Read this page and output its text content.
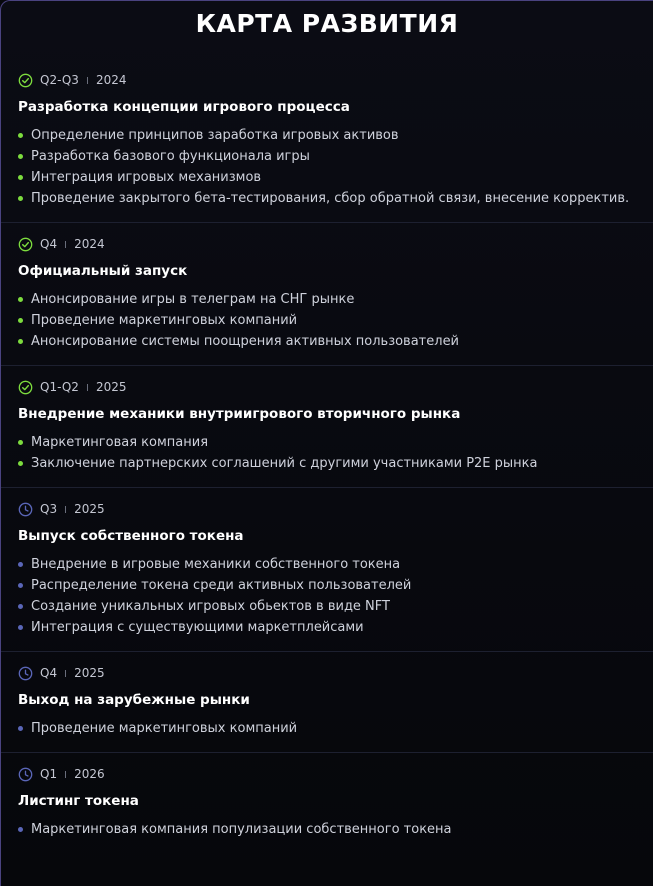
КАРТА РАЗВИТИЯ
Q2-Q3 2024
Разработка концепции игрового процесса
Определение принципов заработка игровых активов
Разработка базового функционала игры
Интеграция игровых механизмов
Проведение закрытого бета-тестирования, сбор обратной связи, внесение корректив.
Q4 2024
Официальный запуск
Анонсирование игры в телеграм на СНГ рынке
Проведение маркетинговых компаний
Анонсирование системы поощрения активных пользователей
Q1-Q2 2025
Внедрение механики внутриигрового вторичного рынка
Маркетинговая компания
Заключение партнерских соглашений с другими участниками P2E рынка
Q3 2025
Выпуск собственного токена
Внедрение в игровые механики собственного токена
Распределение токена среди активных пользователей
Создание уникальных игровых обьектов в виде NFT
Интеграция с существующими маркетплейсами
Q4 2025
Выход на зарубежные рынки
Проведение маркетинговых компаний
Q1 2026
Листинг токена
Маркетинговая компания популизации собственного токена
